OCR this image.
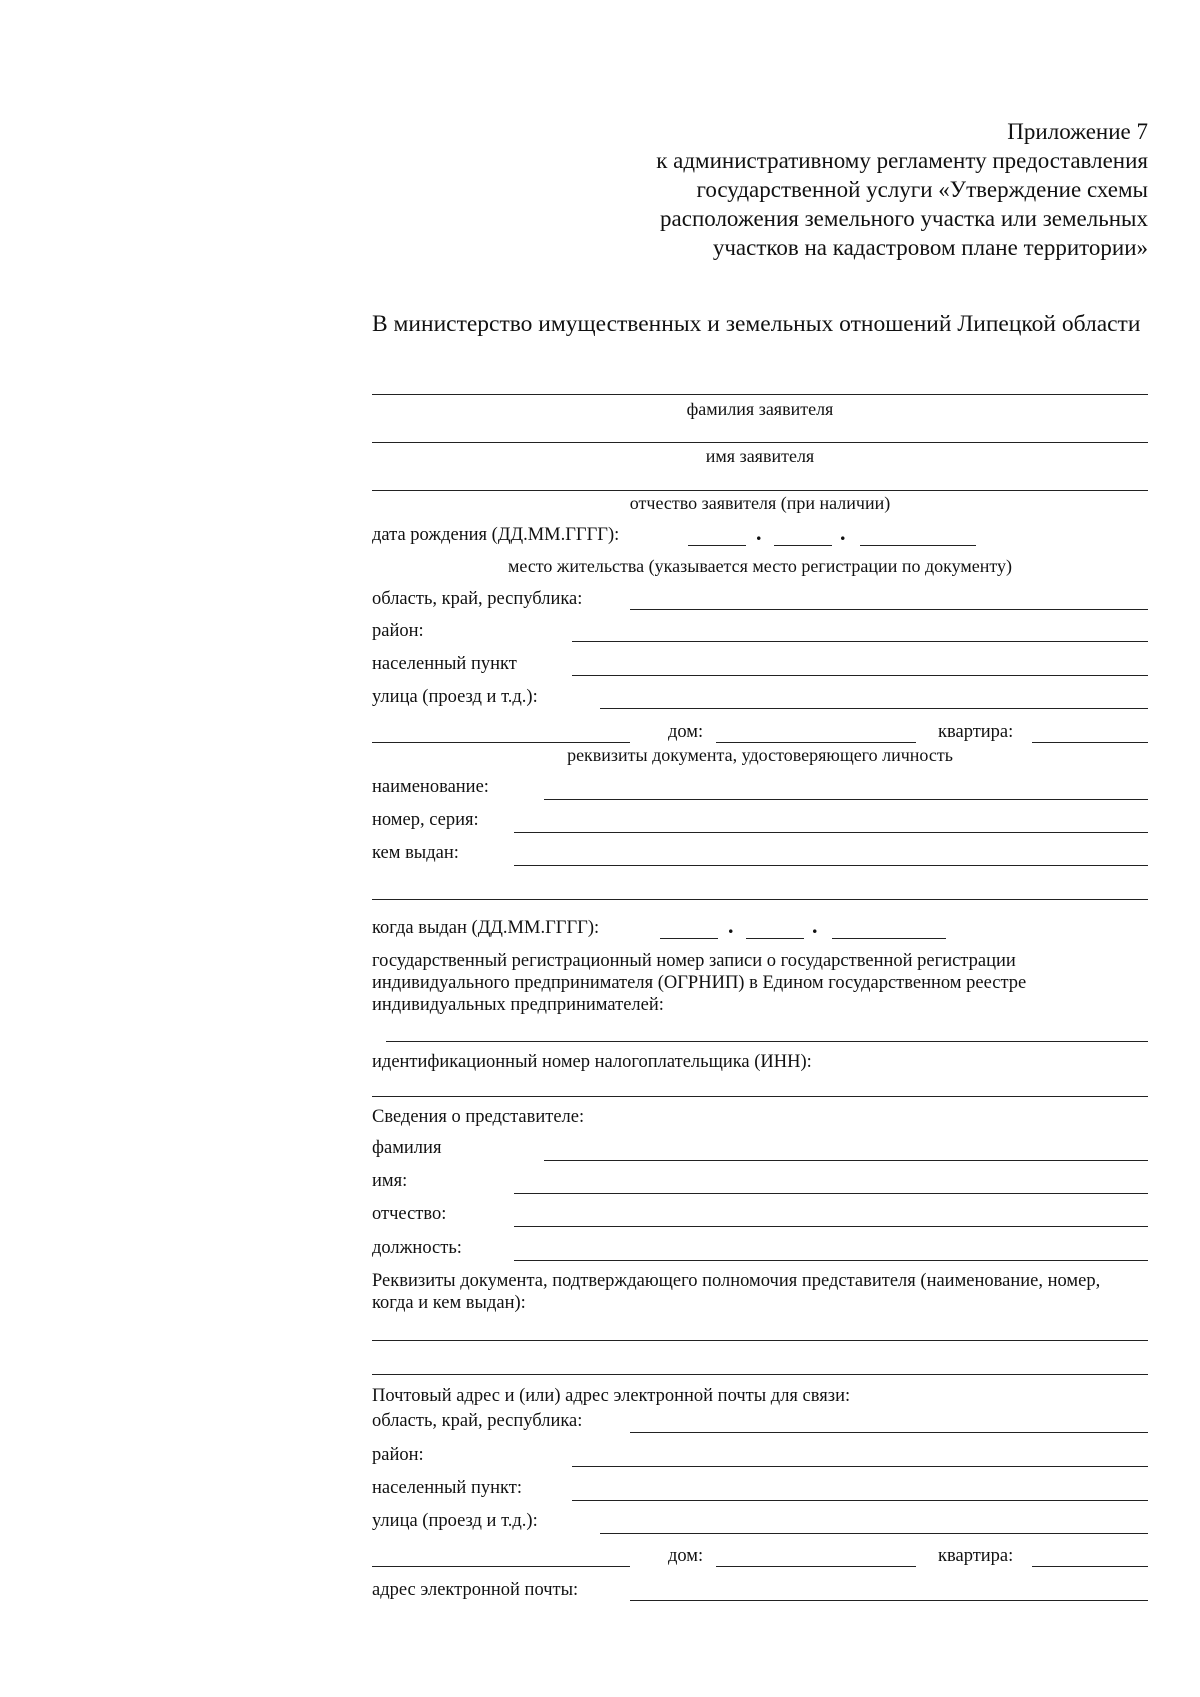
Приложение 7
к административному регламенту предоставления
государственной услуги «Утверждение схемы
расположения земельного участка или земельных
участков на кадастровом плане территории»
В министерство имущественных и земельных отношений Липецкой области
фамилия заявителя
имя заявителя
отчество заявителя (при наличии)
дата рождения (ДД.ММ.ГГГГ):	.	.
место жительства (указывается место регистрации по документу)
область, край, республика:
район:
населенный пункт
улица (проезд и т.д.):
дом:	квартира:
реквизиты документа, удостоверяющего личность
наименование:
номер, серия:
кем выдан:
когда выдан (ДД.ММ.ГГГГ):	.	.
государственный регистрационный номер записи о государственной регистрации индивидуального предпринимателя (ОГРНИП) в Едином государственном реестре индивидуальных предпринимателей:
идентификационный номер налогоплательщика (ИНН):
Сведения о представителе:
фамилия
имя:
отчество:
должность:
Реквизиты документа, подтверждающего полномочия представителя (наименование, номер, когда и кем выдан):
Почтовый адрес и (или) адрес электронной почты для связи:
область, край, республика:
район:
населенный пункт:
улица (проезд и т.д.):
дом:	квартира:
адрес электронной почты:
